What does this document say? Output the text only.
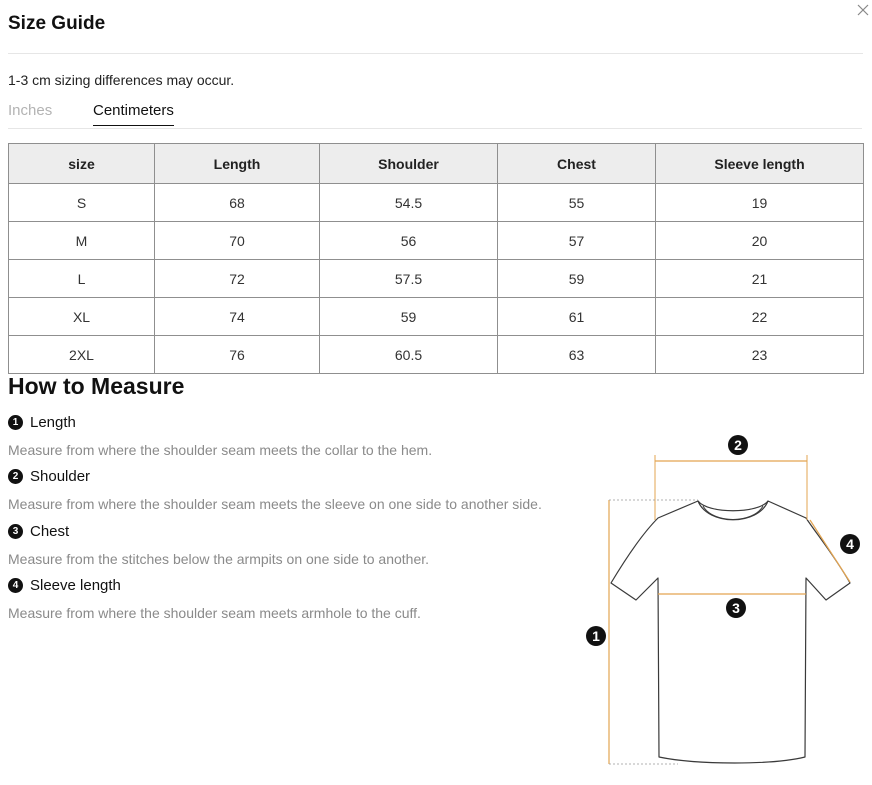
Size Guide
1-3 cm sizing differences may occur.
Inches	Centimeters
size	Length	Shoulder	Chest	Sleeve length
S	68	54.5	55	19
M	70	56	57	20
L	72	57.5	59	21
XL	74	59	61	22
2XL	76	60.5	63	23
How to Measure
1 Length
Measure from where the shoulder seam meets the collar to the hem.
2 Shoulder
Measure from where the shoulder seam meets the sleeve on one side to another side.
3 Chest
Measure from the stitches below the armpits on one side to another.
4 Sleeve length
Measure from where the shoulder seam meets armhole to the cuff.
2
3
1
4
